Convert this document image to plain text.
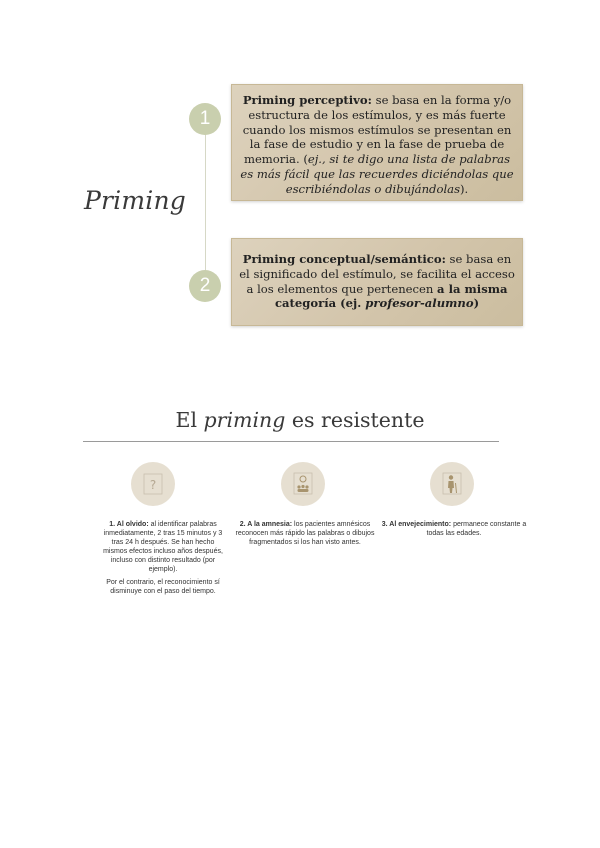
Priming
1
2
Priming perceptivo: se basa en la forma y/o estructura de los estímulos, y es más fuerte cuando los mismos estímulos se presentan en la fase de estudio y en la fase de prueba de memoria. (ej., si te digo una lista de palabras es más fácil que las recuerdes diciéndolas que escribiéndolas o dibujándolas).
Priming conceptual/semántico: se basa en el significado del estímulo, se facilita el acceso a los elementos que pertenecen a la misma categoría (ej. profesor-alumno)
El priming es resistente
?

1. Al olvido: al identificar palabras inmediatamente, 2 tras 15 minutos y 3 tras 24 h después. Se han hecho mismos efectos incluso años después, incluso con distinto resultado (por ejemplo).

Por el contrario, el reconocimiento sí disminuye con el paso del tiempo.

2. A la amnesia: los pacientes amnésicos reconocen más rápido las palabras o dibujos fragmentados si los han visto antes.

3. Al envejecimiento: permanece constante a todas las edades.
